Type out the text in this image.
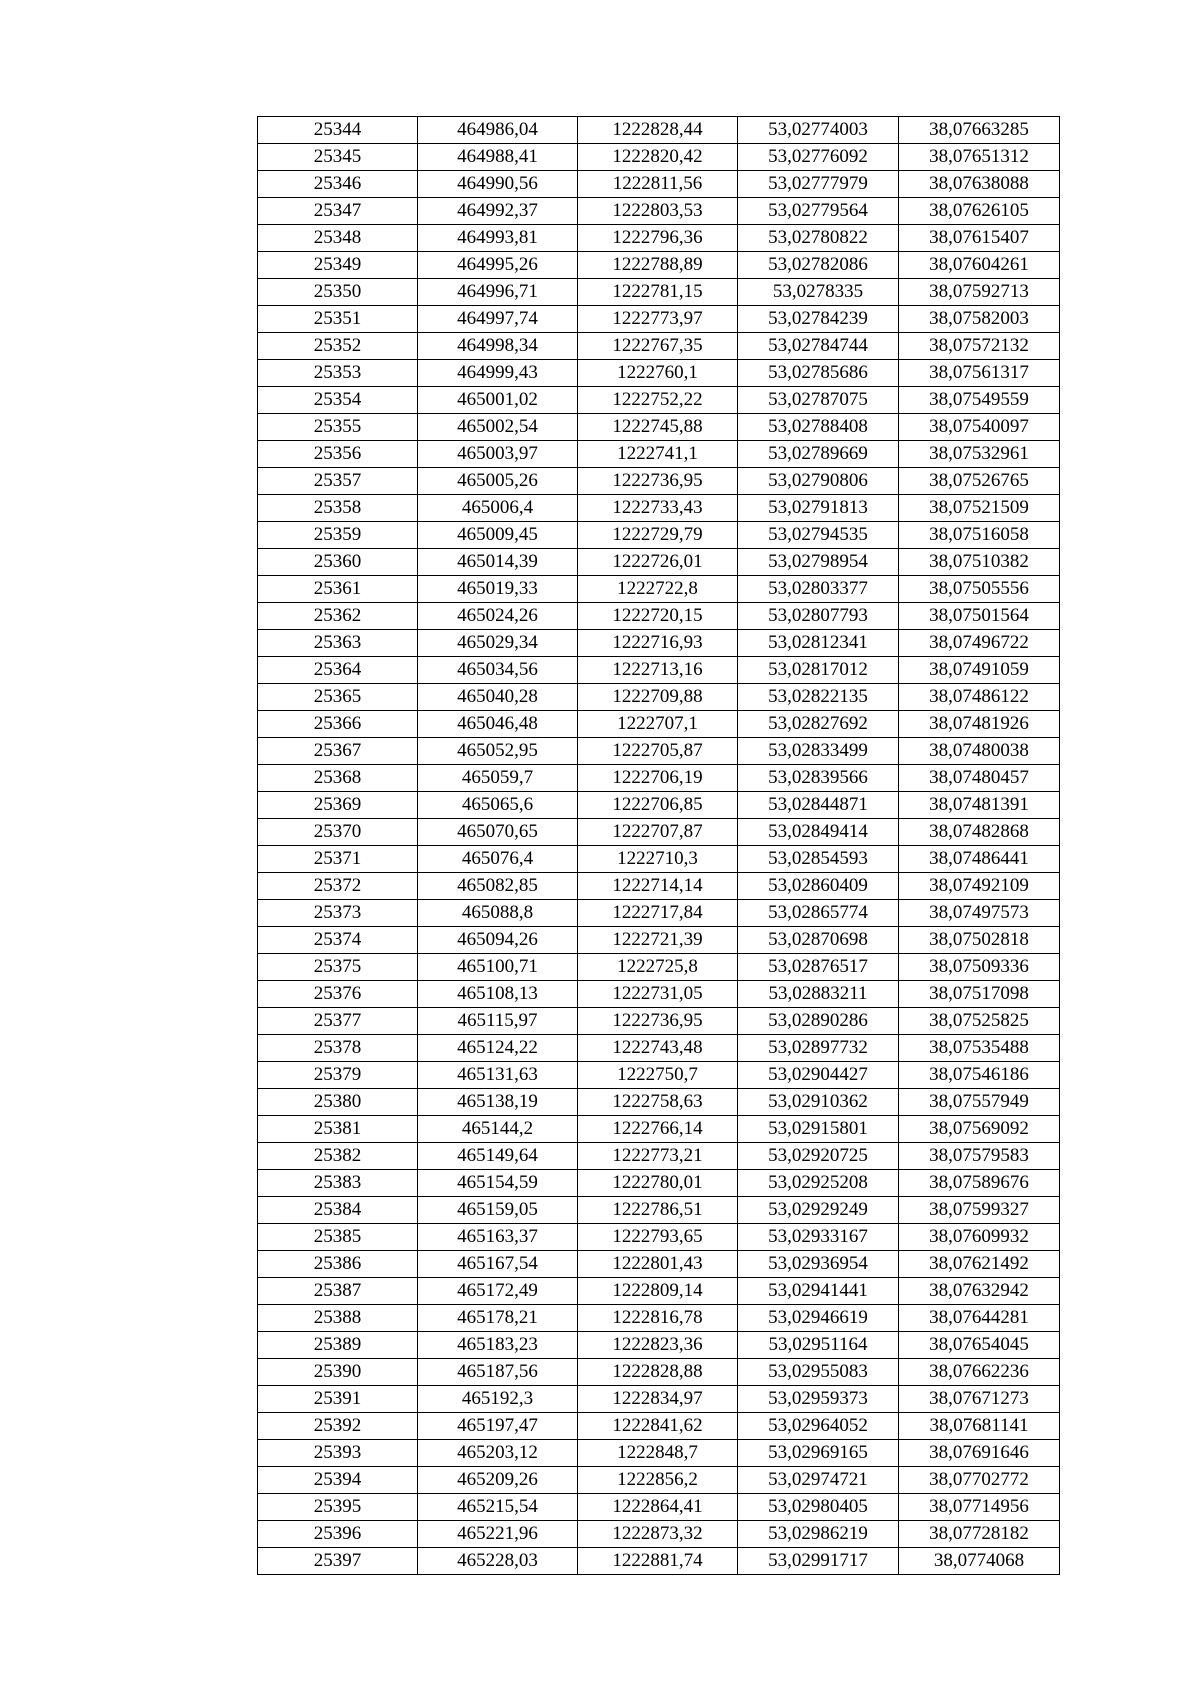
25344	464986,04	1222828,44	53,02774003	38,07663285
25345	464988,41	1222820,42	53,02776092	38,07651312
25346	464990,56	1222811,56	53,02777979	38,07638088
25347	464992,37	1222803,53	53,02779564	38,07626105
25348	464993,81	1222796,36	53,02780822	38,07615407
25349	464995,26	1222788,89	53,02782086	38,07604261
25350	464996,71	1222781,15	53,0278335	38,07592713
25351	464997,74	1222773,97	53,02784239	38,07582003
25352	464998,34	1222767,35	53,02784744	38,07572132
25353	464999,43	1222760,1	53,02785686	38,07561317
25354	465001,02	1222752,22	53,02787075	38,07549559
25355	465002,54	1222745,88	53,02788408	38,07540097
25356	465003,97	1222741,1	53,02789669	38,07532961
25357	465005,26	1222736,95	53,02790806	38,07526765
25358	465006,4	1222733,43	53,02791813	38,07521509
25359	465009,45	1222729,79	53,02794535	38,07516058
25360	465014,39	1222726,01	53,02798954	38,07510382
25361	465019,33	1222722,8	53,02803377	38,07505556
25362	465024,26	1222720,15	53,02807793	38,07501564
25363	465029,34	1222716,93	53,02812341	38,07496722
25364	465034,56	1222713,16	53,02817012	38,07491059
25365	465040,28	1222709,88	53,02822135	38,07486122
25366	465046,48	1222707,1	53,02827692	38,07481926
25367	465052,95	1222705,87	53,02833499	38,07480038
25368	465059,7	1222706,19	53,02839566	38,07480457
25369	465065,6	1222706,85	53,02844871	38,07481391
25370	465070,65	1222707,87	53,02849414	38,07482868
25371	465076,4	1222710,3	53,02854593	38,07486441
25372	465082,85	1222714,14	53,02860409	38,07492109
25373	465088,8	1222717,84	53,02865774	38,07497573
25374	465094,26	1222721,39	53,02870698	38,07502818
25375	465100,71	1222725,8	53,02876517	38,07509336
25376	465108,13	1222731,05	53,02883211	38,07517098
25377	465115,97	1222736,95	53,02890286	38,07525825
25378	465124,22	1222743,48	53,02897732	38,07535488
25379	465131,63	1222750,7	53,02904427	38,07546186
25380	465138,19	1222758,63	53,02910362	38,07557949
25381	465144,2	1222766,14	53,02915801	38,07569092
25382	465149,64	1222773,21	53,02920725	38,07579583
25383	465154,59	1222780,01	53,02925208	38,07589676
25384	465159,05	1222786,51	53,02929249	38,07599327
25385	465163,37	1222793,65	53,02933167	38,07609932
25386	465167,54	1222801,43	53,02936954	38,07621492
25387	465172,49	1222809,14	53,02941441	38,07632942
25388	465178,21	1222816,78	53,02946619	38,07644281
25389	465183,23	1222823,36	53,02951164	38,07654045
25390	465187,56	1222828,88	53,02955083	38,07662236
25391	465192,3	1222834,97	53,02959373	38,07671273
25392	465197,47	1222841,62	53,02964052	38,07681141
25393	465203,12	1222848,7	53,02969165	38,07691646
25394	465209,26	1222856,2	53,02974721	38,07702772
25395	465215,54	1222864,41	53,02980405	38,07714956
25396	465221,96	1222873,32	53,02986219	38,07728182
25397	465228,03	1222881,74	53,02991717	38,0774068
